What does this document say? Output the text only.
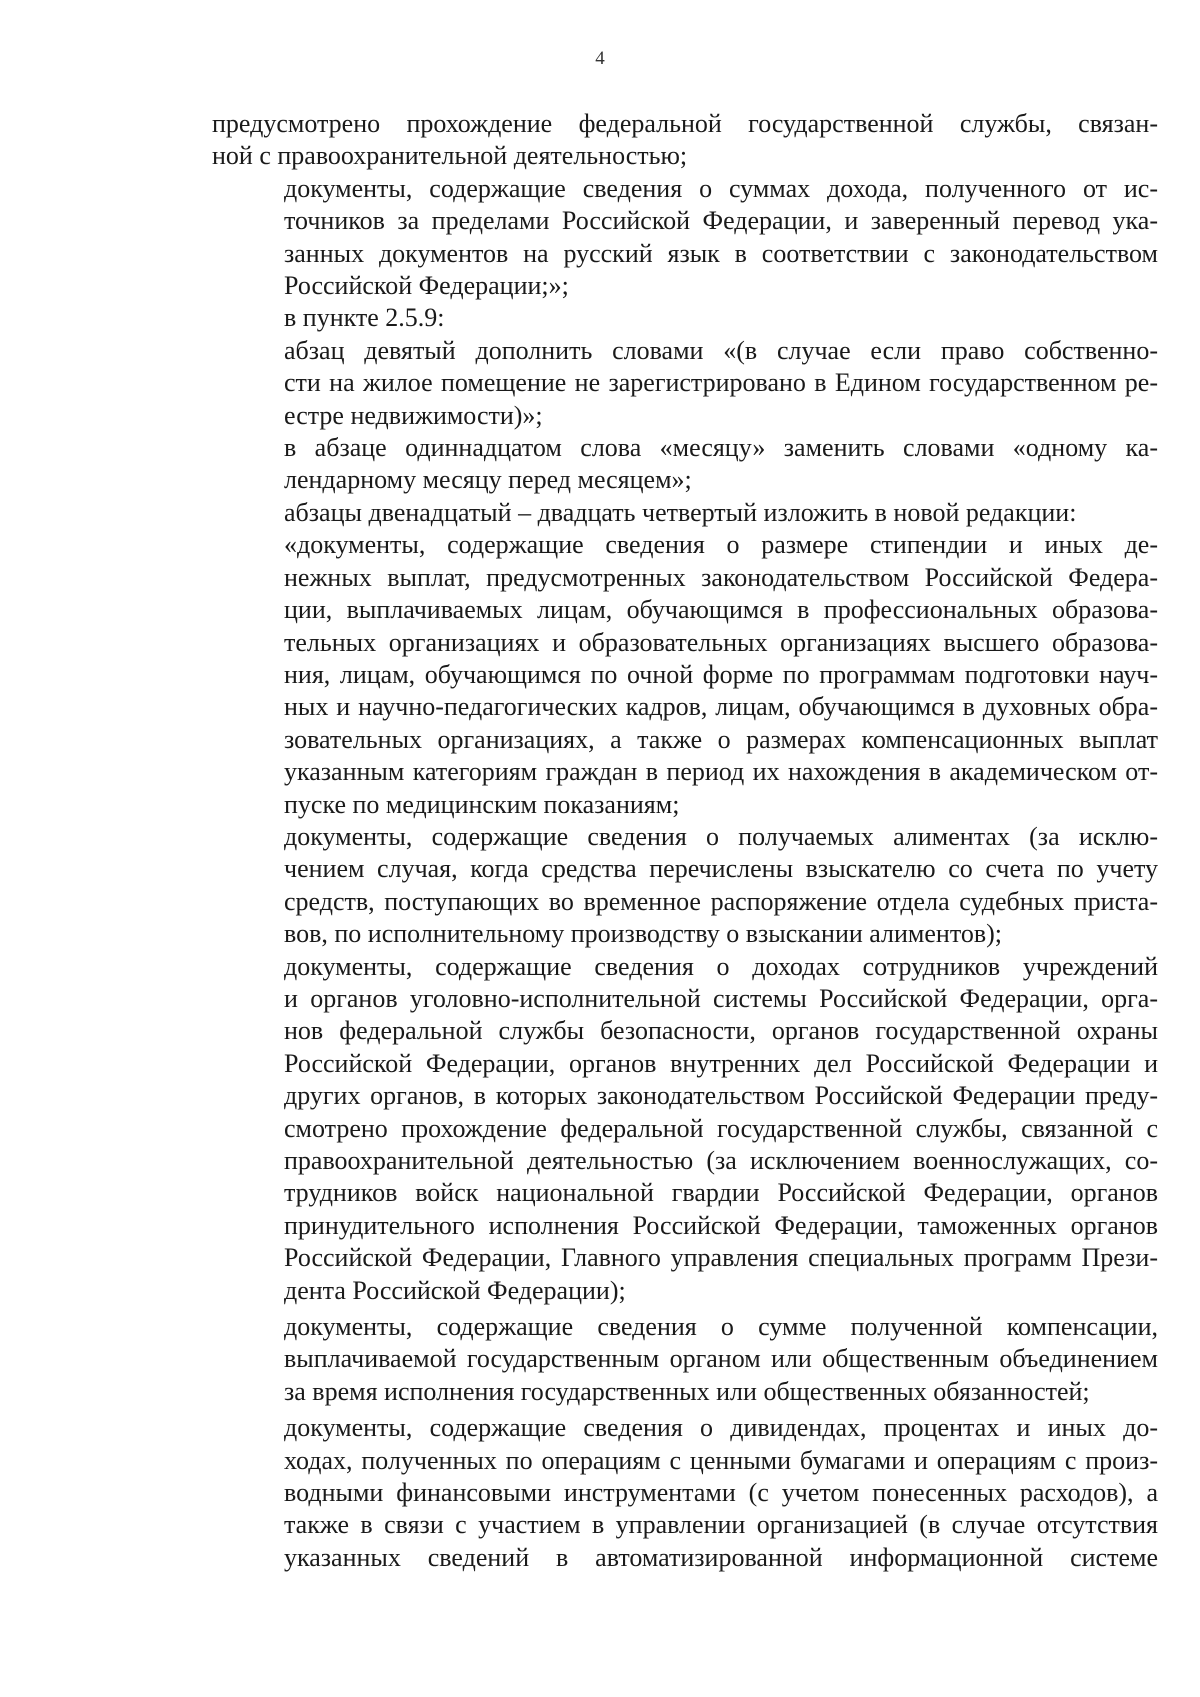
4

предусмотрено прохождение федеральной государственной службы, связан-
ной с правоохранительной деятельностью;

документы, содержащие сведения о суммах дохода, полученного от ис-
точников за пределами Российской Федерации, и заверенный перевод ука-
занных документов на русский язык в соответствии с законодательством
Российской Федерации;»;

в пункте 2.5.9:

абзац девятый дополнить словами «(в случае если право собственно-
сти на жилое помещение не зарегистрировано в Едином государственном ре-
естре недвижимости)»;

в абзаце одиннадцатом слова «месяцу» заменить словами «одному ка-
лендарному месяцу перед месяцем»;

абзацы двенадцатый – двадцать четвертый изложить в новой редакции:

«документы, содержащие сведения о размере стипендии и иных де-
нежных выплат, предусмотренных законодательством Российской Федера-
ции, выплачиваемых лицам, обучающимся в профессиональных образова-
тельных организациях и образовательных организациях высшего образова-
ния, лицам, обучающимся по очной форме по программам подготовки науч-
ных и научно-педагогических кадров, лицам, обучающимся в духовных обра-
зовательных организациях, а также о размерах компенсационных выплат
указанным категориям граждан в период их нахождения в академическом от-
пуске по медицинским показаниям;

документы, содержащие сведения о получаемых алиментах (за исклю-
чением случая, когда средства перечислены взыскателю со счета по учету
средств, поступающих во временное распоряжение отдела судебных приста-
вов, по исполнительному производству о взыскании алиментов);

документы, содержащие сведения о доходах сотрудников учреждений
и органов уголовно-исполнительной системы Российской Федерации, орга-
нов федеральной службы безопасности, органов государственной охраны
Российской Федерации, органов внутренних дел Российской Федерации и
других органов, в которых законодательством Российской Федерации преду-
смотрено прохождение федеральной государственной службы, связанной с
правоохранительной деятельностью (за исключением военнослужащих, со-
трудников войск национальной гвардии Российской Федерации, органов
принудительного исполнения Российской Федерации, таможенных органов
Российской Федерации, Главного управления специальных программ Прези-
дента Российской Федерации);

документы, содержащие сведения о сумме полученной компенсации,
выплачиваемой государственным органом или общественным объединением
за время исполнения государственных или общественных обязанностей;

документы, содержащие сведения о дивидендах, процентах и иных до-
ходах, полученных по операциям с ценными бумагами и операциям с произ-
водными финансовыми инструментами (с учетом понесенных расходов), а
также в связи с участием в управлении организацией (в случае отсутствия
указанных сведений в автоматизированной информационной системе
